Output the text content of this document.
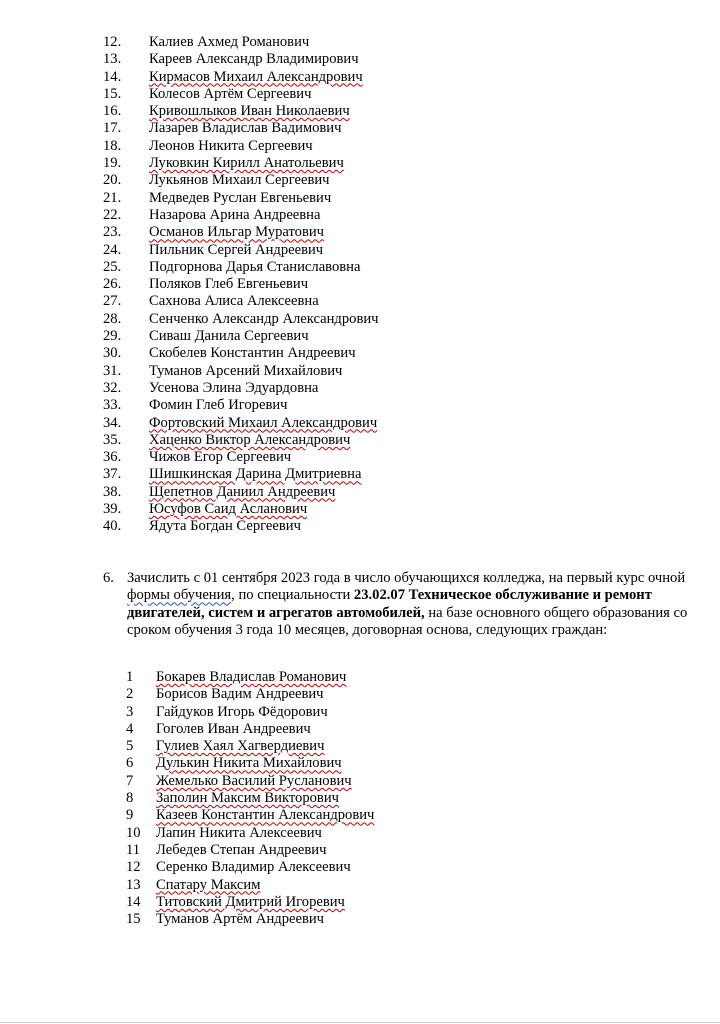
12. Калиев Ахмед Романович
13. Кареев Александр Владимирович
14. Кирмасов Михаил Александрович
15. Колесов Артём Сергеевич
16. Кривошлыков Иван Николаевич
17. Лазарев Владислав Вадимович
18. Леонов Никита Сергеевич
19. Луковкин Кирилл Анатольевич
20. Лукьянов Михаил Сергеевич
21. Медведев Руслан Евгеньевич
22. Назарова Арина Андреевна
23. Османов Ильгар Муратович
24. Пильник Сергей Андреевич
25. Подгорнова Дарья Станиславовна
26. Поляков Глеб Евгеньевич
27. Сахнова Алиса Алексеевна
28. Сенченко Александр Александрович
29. Сиваш Данила Сергеевич
30. Скобелев Константин Андреевич
31. Туманов Арсений Михайлович
32. Усенова Элина Эдуардовна
33. Фомин Глеб Игоревич
34. Фортовский Михаил Александрович
35. Хаценко Виктор Александрович
36. Чижов Егор Сергеевич
37. Шишкинская Дарина Дмитриевна
38. Щепетнов Даниил Андреевич
39. Юсуфов Саид Асланович
40. Ядута Богдан Сергеевич
6. Зачислить с 01 сентября 2023 года в число обучающихся колледжа, на первый курс очной формы обучения, по специальности 23.02.07 Техническое обслуживание и ремонт двигателей, систем и агрегатов автомобилей, на базе основного общего образования со сроком обучения 3 года 10 месяцев, договорная основа, следующих граждан:
1 Бокарев Владислав Романович
2 Борисов Вадим Андреевич
3 Гайдуков Игорь Фёдорович
4 Гоголев Иван Андреевич
5 Гулиев Хаял Хагвердиевич
6 Дулькин Никита Михайлович
7 Жемелько Василий Русланович
8 Заполин Максим Викторович
9 Казеев Константин Александрович
10 Лапин Никита Алексеевич
11 Лебедев Степан Андреевич
12 Серенко Владимир Алексеевич
13 Спатару Максим
14 Титовский Дмитрий Игоревич
15 Туманов Артём Андреевич
